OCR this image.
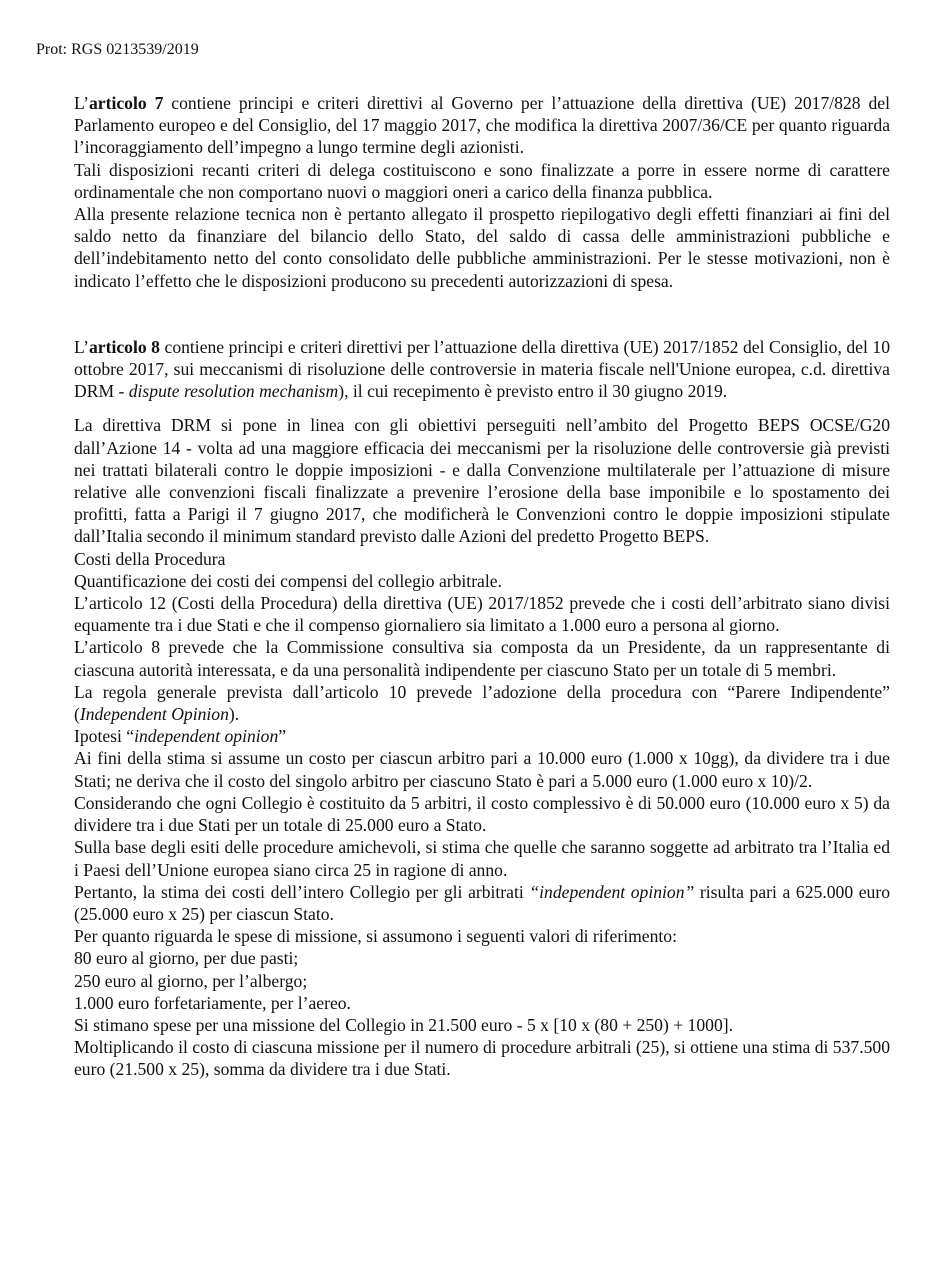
Prot: RGS 0213539/2019

L’articolo 7 contiene principi e criteri direttivi al Governo per l’attuazione della direttiva (UE) 2017/828 del Parlamento europeo e del Consiglio, del 17 maggio 2017, che modifica la direttiva 2007/36/CE per quanto riguarda l’incoraggiamento dell’impegno a lungo termine degli azionisti.

Tali disposizioni recanti criteri di delega costituiscono e sono finalizzate a porre in essere norme di carattere ordinamentale che non comportano nuovi o maggiori oneri a carico della finanza pubblica.

Alla presente relazione tecnica non è pertanto allegato il prospetto riepilogativo degli effetti finanziari ai fini del saldo netto da finanziare del bilancio dello Stato, del saldo di cassa delle amministrazioni pubbliche e dell’indebitamento netto del conto consolidato delle pubbliche amministrazioni. Per le stesse motivazioni, non è indicato l’effetto che le disposizioni producono su precedenti autorizzazioni di spesa.

L’articolo 8 contiene principi e criteri direttivi per l’attuazione della direttiva (UE) 2017/1852 del Consiglio, del 10 ottobre 2017, sui meccanismi di risoluzione delle controversie in materia fiscale nell'Unione europea, c.d. direttiva DRM - dispute resolution mechanism), il cui recepimento è previsto entro il 30 giugno 2019.

La direttiva DRM si pone in linea con gli obiettivi perseguiti nell’ambito del Progetto BEPS OCSE/G20 dall’Azione 14 - volta ad una maggiore efficacia dei meccanismi per la risoluzione delle controversie già previsti nei trattati bilaterali contro le doppie imposizioni - e dalla Convenzione multilaterale per l’attuazione di misure relative alle convenzioni fiscali finalizzate a prevenire l’erosione della base imponibile e lo spostamento dei profitti, fatta a Parigi il 7 giugno 2017, che modificherà le Convenzioni contro le doppie imposizioni stipulate dall’Italia secondo il minimum standard previsto dalle Azioni del predetto Progetto BEPS.

Costi della Procedura

Quantificazione dei costi dei compensi del collegio arbitrale.

L’articolo 12 (Costi della Procedura) della direttiva (UE) 2017/1852 prevede che i costi dell’arbitrato siano divisi equamente tra i due Stati e che il compenso giornaliero sia limitato a 1.000 euro a persona al giorno.

L’articolo 8 prevede che la Commissione consultiva sia composta da un Presidente, da un rappresentante di ciascuna autorità interessata, e da una personalità indipendente per ciascuno Stato per un totale di 5 membri.

La regola generale prevista dall’articolo 10 prevede l’adozione della procedura con “Parere Indipendente” (Independent Opinion).

Ipotesi “independent opinion”

Ai fini della stima si assume un costo per ciascun arbitro pari a 10.000 euro (1.000 x 10gg), da dividere tra i due Stati; ne deriva che il costo del singolo arbitro per ciascuno Stato è pari a 5.000 euro (1.000 euro x 10)/2.

Considerando che ogni Collegio è costituito da 5 arbitri, il costo complessivo è di 50.000 euro (10.000 euro x 5) da dividere tra i due Stati per un totale di 25.000 euro a Stato.

Sulla base degli esiti delle procedure amichevoli, si stima che quelle che saranno soggette ad arbitrato tra l’Italia ed i Paesi dell’Unione europea siano circa 25 in ragione di anno.

Pertanto, la stima dei costi dell’intero Collegio per gli arbitrati “independent opinion” risulta pari a 625.000 euro (25.000 euro x 25) per ciascun Stato.

Per quanto riguarda le spese di missione, si assumono i seguenti valori di riferimento:

80 euro al giorno, per due pasti;

250 euro al giorno, per l’albergo;

1.000 euro forfetariamente, per l’aereo.

Si stimano spese per una missione del Collegio in 21.500 euro - 5 x [10 x (80 + 250) + 1000].

Moltiplicando il costo di ciascuna missione per il numero di procedure arbitrali (25), si ottiene una stima di 537.500 euro (21.500 x 25), somma da dividere tra i due Stati.
